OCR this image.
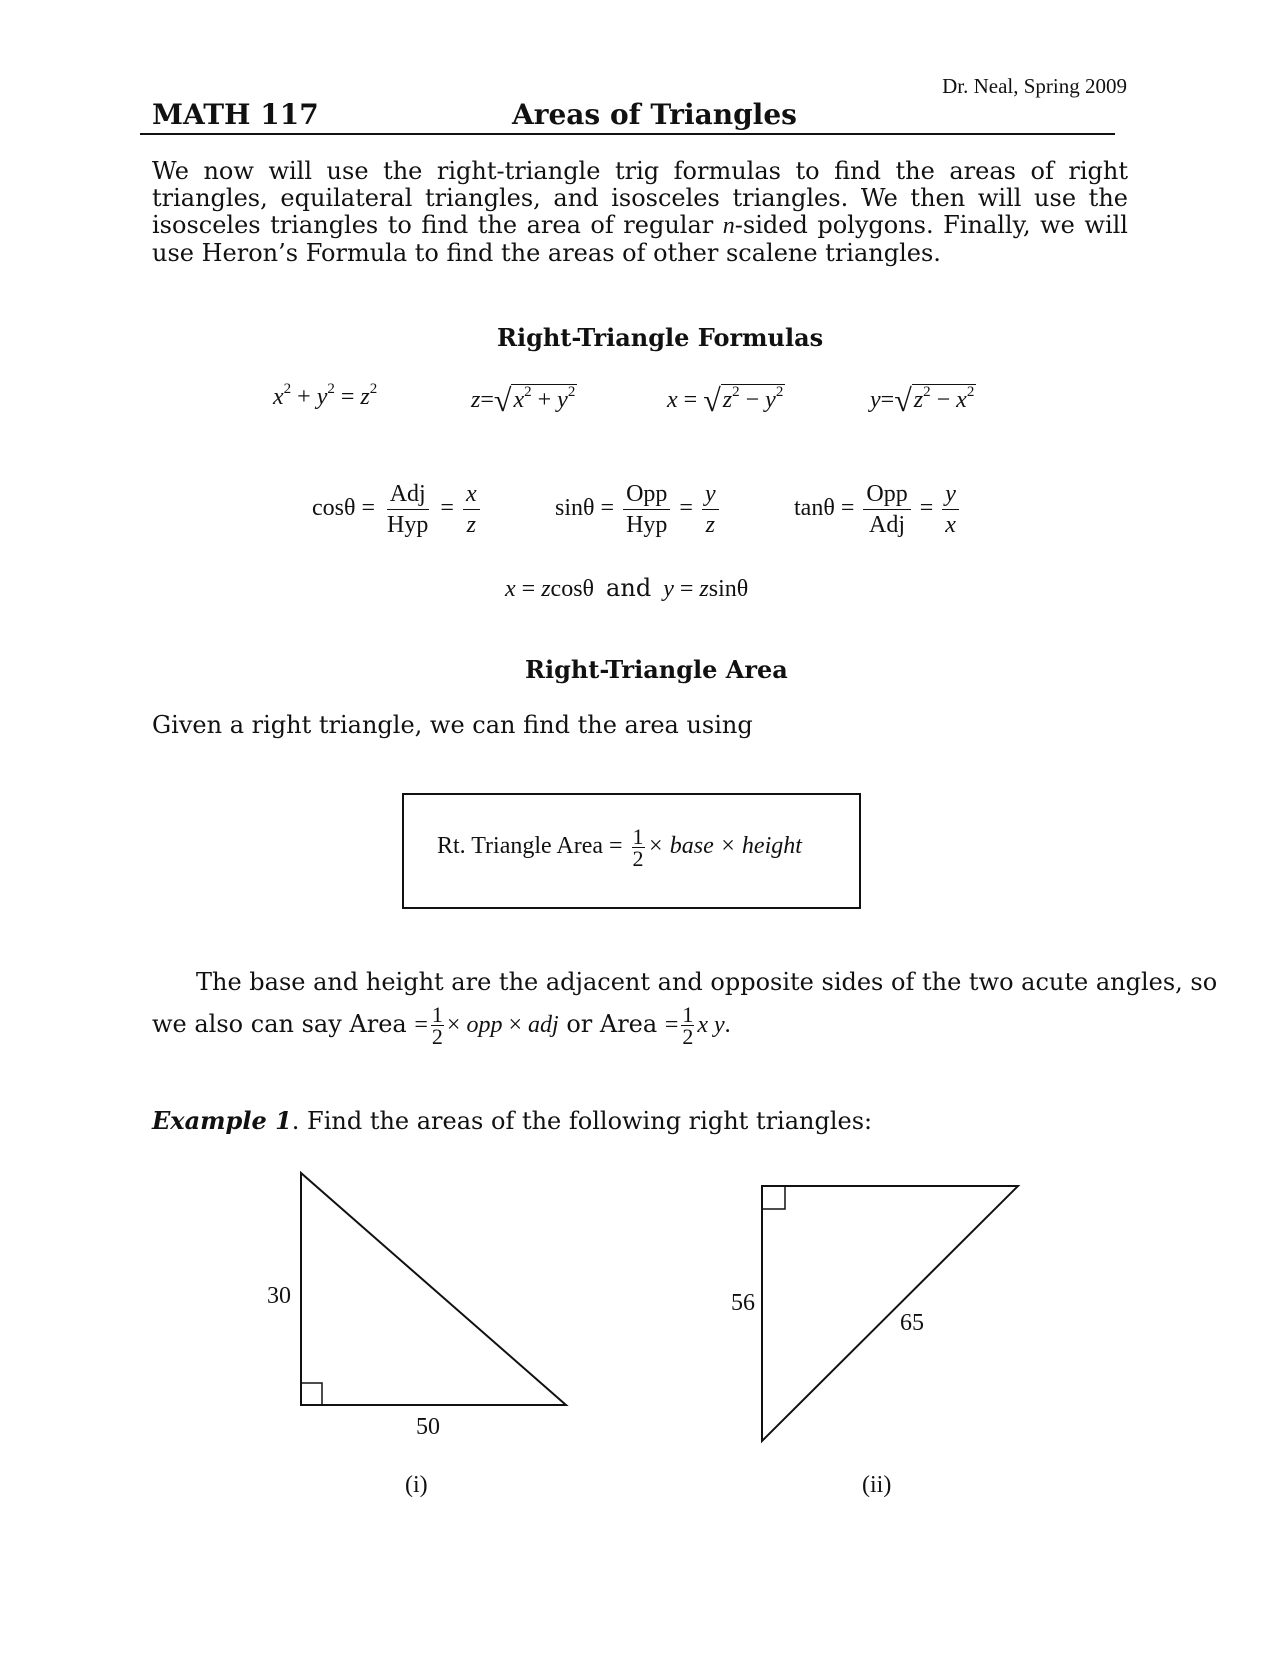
Dr. Neal, Spring 2009
MATH 117	Areas of Triangles
We now will use the right-triangle trig formulas to find the areas of right triangles, equilateral triangles, and isosceles triangles. We then will use the isosceles triangles to find the area of regular n-sided polygons. Finally, we will use Heron’s Formula to find the areas of other scalene triangles.
Right-Triangle Formulas
$x^2 + y^2 = z^2$	$z=√x^2 + y^2$	$x = √z^2 - y^2$	$y=√z^2 - x^2$
$\cos\theta = \frac{\text{Adj}}{\text{Hyp}} = \frac{x}{z}$	$\sin\theta = \frac{\text{Opp}}{\text{Hyp}} = \frac{y}{z}$	$\tan\theta = \frac{\text{Opp}}{\text{Adj}} = \frac{y}{x}$
x = zcosθ  and y = zsinθ
Right-Triangle Area
Given a right triangle, we can find the area using
Rt. Triangle Area = $\frac{1}{2}$ × base × height
The base and height are the adjacent and opposite sides of the two acute angles, so
we also can say Area = $\frac{1}{2}$ × opp × adj or Area = $\frac{1}{2}$ x y.
Example 1. Find the areas of the following right triangles:
30
50
(i)
56
65
(ii)
